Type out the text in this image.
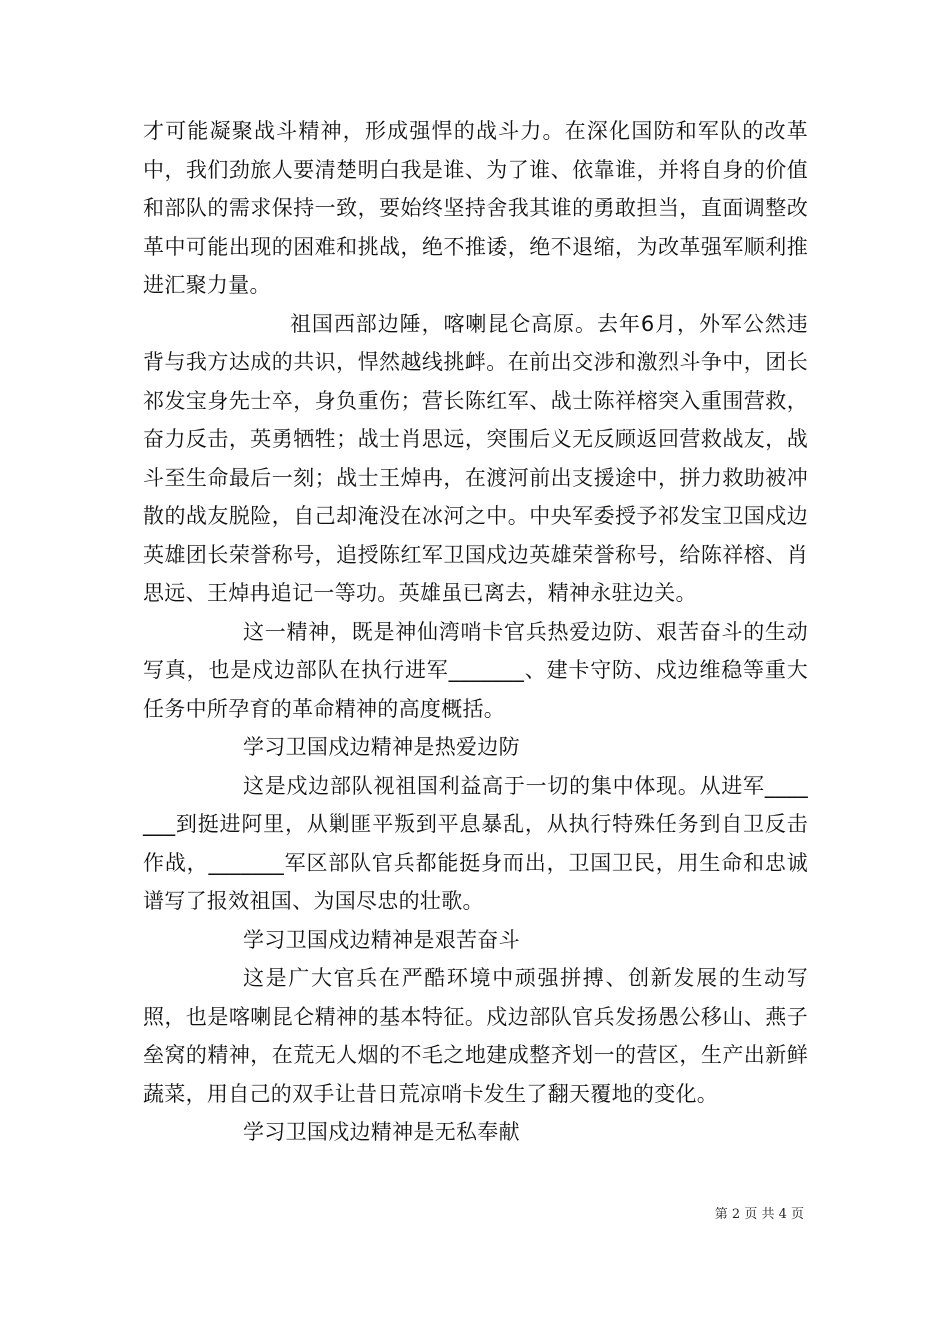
才可能凝聚战斗精神，形成强悍的战斗力。在深化国防和军队的改革中，我们劲旅人要清楚明白我是谁、为了谁、依靠谁，并将自身的价值和部队的需求保持一致，要始终坚持舍我其谁的勇敢担当，直面调整改革中可能出现的困难和挑战，绝不推诿，绝不退缩，为改革强军顺利推进汇聚力量。

祖国西部边陲，喀喇昆仑高原。去年6月，外军公然违背与我方达成的共识，悍然越线挑衅。在前出交涉和激烈斗争中，团长祁发宝身先士卒，身负重伤；营长陈红军、战士陈祥榕突入重围营救，奋力反击，英勇牺牲；战士肖思远，突围后义无反顾返回营救战友，战斗至生命最后一刻；战士王焯冉，在渡河前出支援途中，拼力救助被冲散的战友脱险，自己却淹没在冰河之中。中央军委授予祁发宝卫国戍边英雄团长荣誉称号，追授陈红军卫国戍边英雄荣誉称号，给陈祥榕、肖思远、王焯冉追记一等功。英雄虽已离去，精神永驻边关。

这一精神，既是神仙湾哨卡官兵热爱边防、艰苦奋斗的生动写真，也是戍边部队在执行进军_______、建卡守防、戍边维稳等重大任务中所孕育的革命精神的高度概括。

学习卫国戍边精神是热爱边防

这是戍边部队视祖国利益高于一切的集中体现。从进军_______到挺进阿里，从剿匪平叛到平息暴乱，从执行特殊任务到自卫反击作战，_______军区部队官兵都能挺身而出，卫国卫民，用生命和忠诚谱写了报效祖国、为国尽忠的壮歌。

学习卫国戍边精神是艰苦奋斗

这是广大官兵在严酷环境中顽强拼搏、创新发展的生动写照，也是喀喇昆仑精神的基本特征。戍边部队官兵发扬愚公移山、燕子垒窝的精神，在荒无人烟的不毛之地建成整齐划一的营区，生产出新鲜蔬菜，用自己的双手让昔日荒凉哨卡发生了翻天覆地的变化。

学习卫国戍边精神是无私奉献

第 2 页 共 4 页
